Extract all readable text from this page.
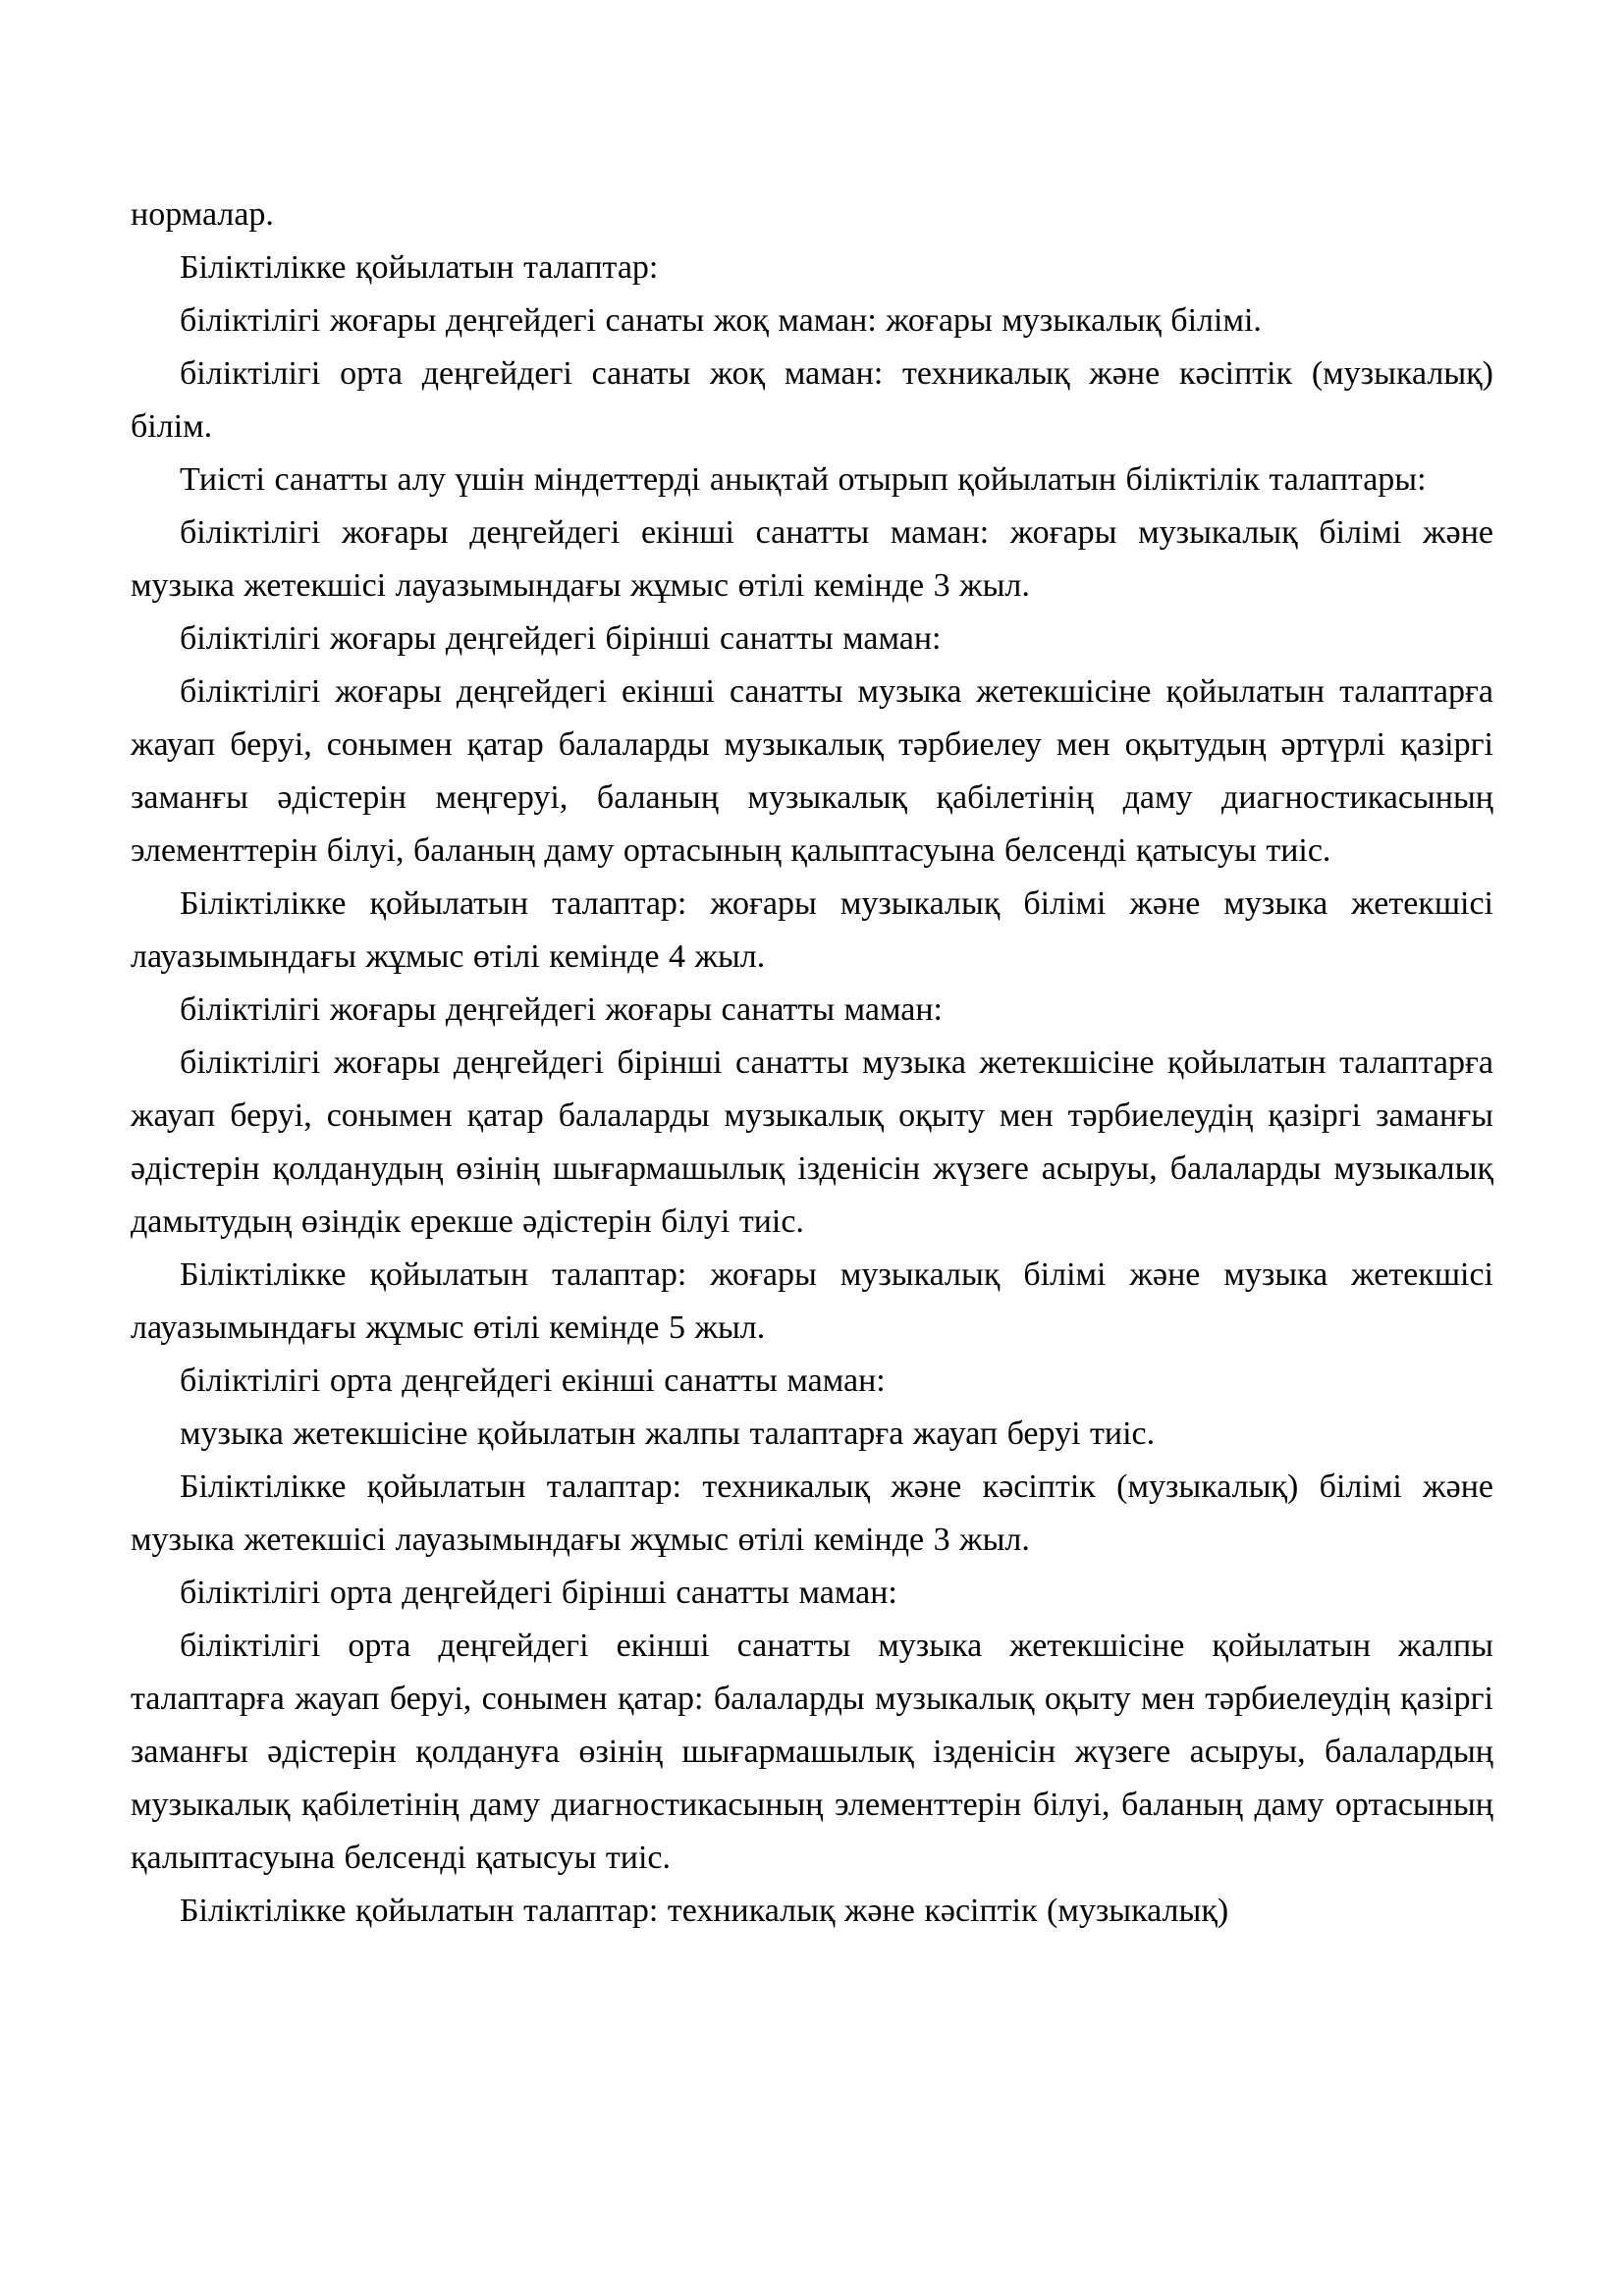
нормалар.

Біліктілікке қойылатын талаптар:

біліктілігі жоғары деңгейдегі санаты жоқ маман: жоғары музыкалық білімі.

біліктілігі орта деңгейдегі санаты жоқ маман: техникалық және кәсіптік (музыкалық) білім.

Тиісті санатты алу үшін міндеттерді анықтай отырып қойылатын біліктілік талаптары:

біліктілігі жоғары деңгейдегі екінші санатты маман: жоғары музыкалық білімі және музыка жетекшісі лауазымындағы жұмыс өтілі кемінде 3 жыл.

біліктілігі жоғары деңгейдегі бірінші санатты маман:

біліктілігі жоғары деңгейдегі екінші санатты музыка жетекшісіне қойылатын талаптарға жауап беруі, сонымен қатар балаларды музыкалық тәрбиелеу мен оқытудың әртүрлі қазіргі заманғы әдістерін меңгеруі, баланың музыкалық қабілетінің даму диагностикасының элементтерін білуі, баланың даму ортасының қалыптасуына белсенді қатысуы тиіс.

Біліктілікке қойылатын талаптар: жоғары музыкалық білімі және музыка жетекшісі лауазымындағы жұмыс өтілі кемінде 4 жыл.

біліктілігі жоғары деңгейдегі жоғары санатты маман:

біліктілігі жоғары деңгейдегі бірінші санатты музыка жетекшісіне қойылатын талаптарға жауап беруі, сонымен қатар балаларды музыкалық оқыту мен тәрбиелеудің қазіргі заманғы әдістерін қолданудың өзінің шығармашылық ізденісін жүзеге асыруы, балаларды музыкалық дамытудың өзіндік ерекше әдістерін білуі тиіс.

Біліктілікке қойылатын талаптар: жоғары музыкалық білімі және музыка жетекшісі лауазымындағы жұмыс өтілі кемінде 5 жыл.

біліктілігі орта деңгейдегі екінші санатты маман:

музыка жетекшісіне қойылатын жалпы талаптарға жауап беруі тиіс.

Біліктілікке қойылатын талаптар: техникалық және кәсіптік (музыкалық) білімі және музыка жетекшісі лауазымындағы жұмыс өтілі кемінде 3 жыл.

біліктілігі орта деңгейдегі бірінші санатты маман:

біліктілігі орта деңгейдегі екінші санатты музыка жетекшісіне қойылатын жалпы талаптарға жауап беруі, сонымен қатар: балаларды музыкалық оқыту мен тәрбиелеудің қазіргі заманғы әдістерін қолдануға өзінің шығармашылық ізденісін жүзеге асыруы, балалардың музыкалық қабілетінің даму диагностикасының элементтерін білуі, баланың даму ортасының қалыптасуына белсенді қатысуы тиіс.

Біліктілікке қойылатын талаптар: техникалық және кәсіптік (музыкалық)
